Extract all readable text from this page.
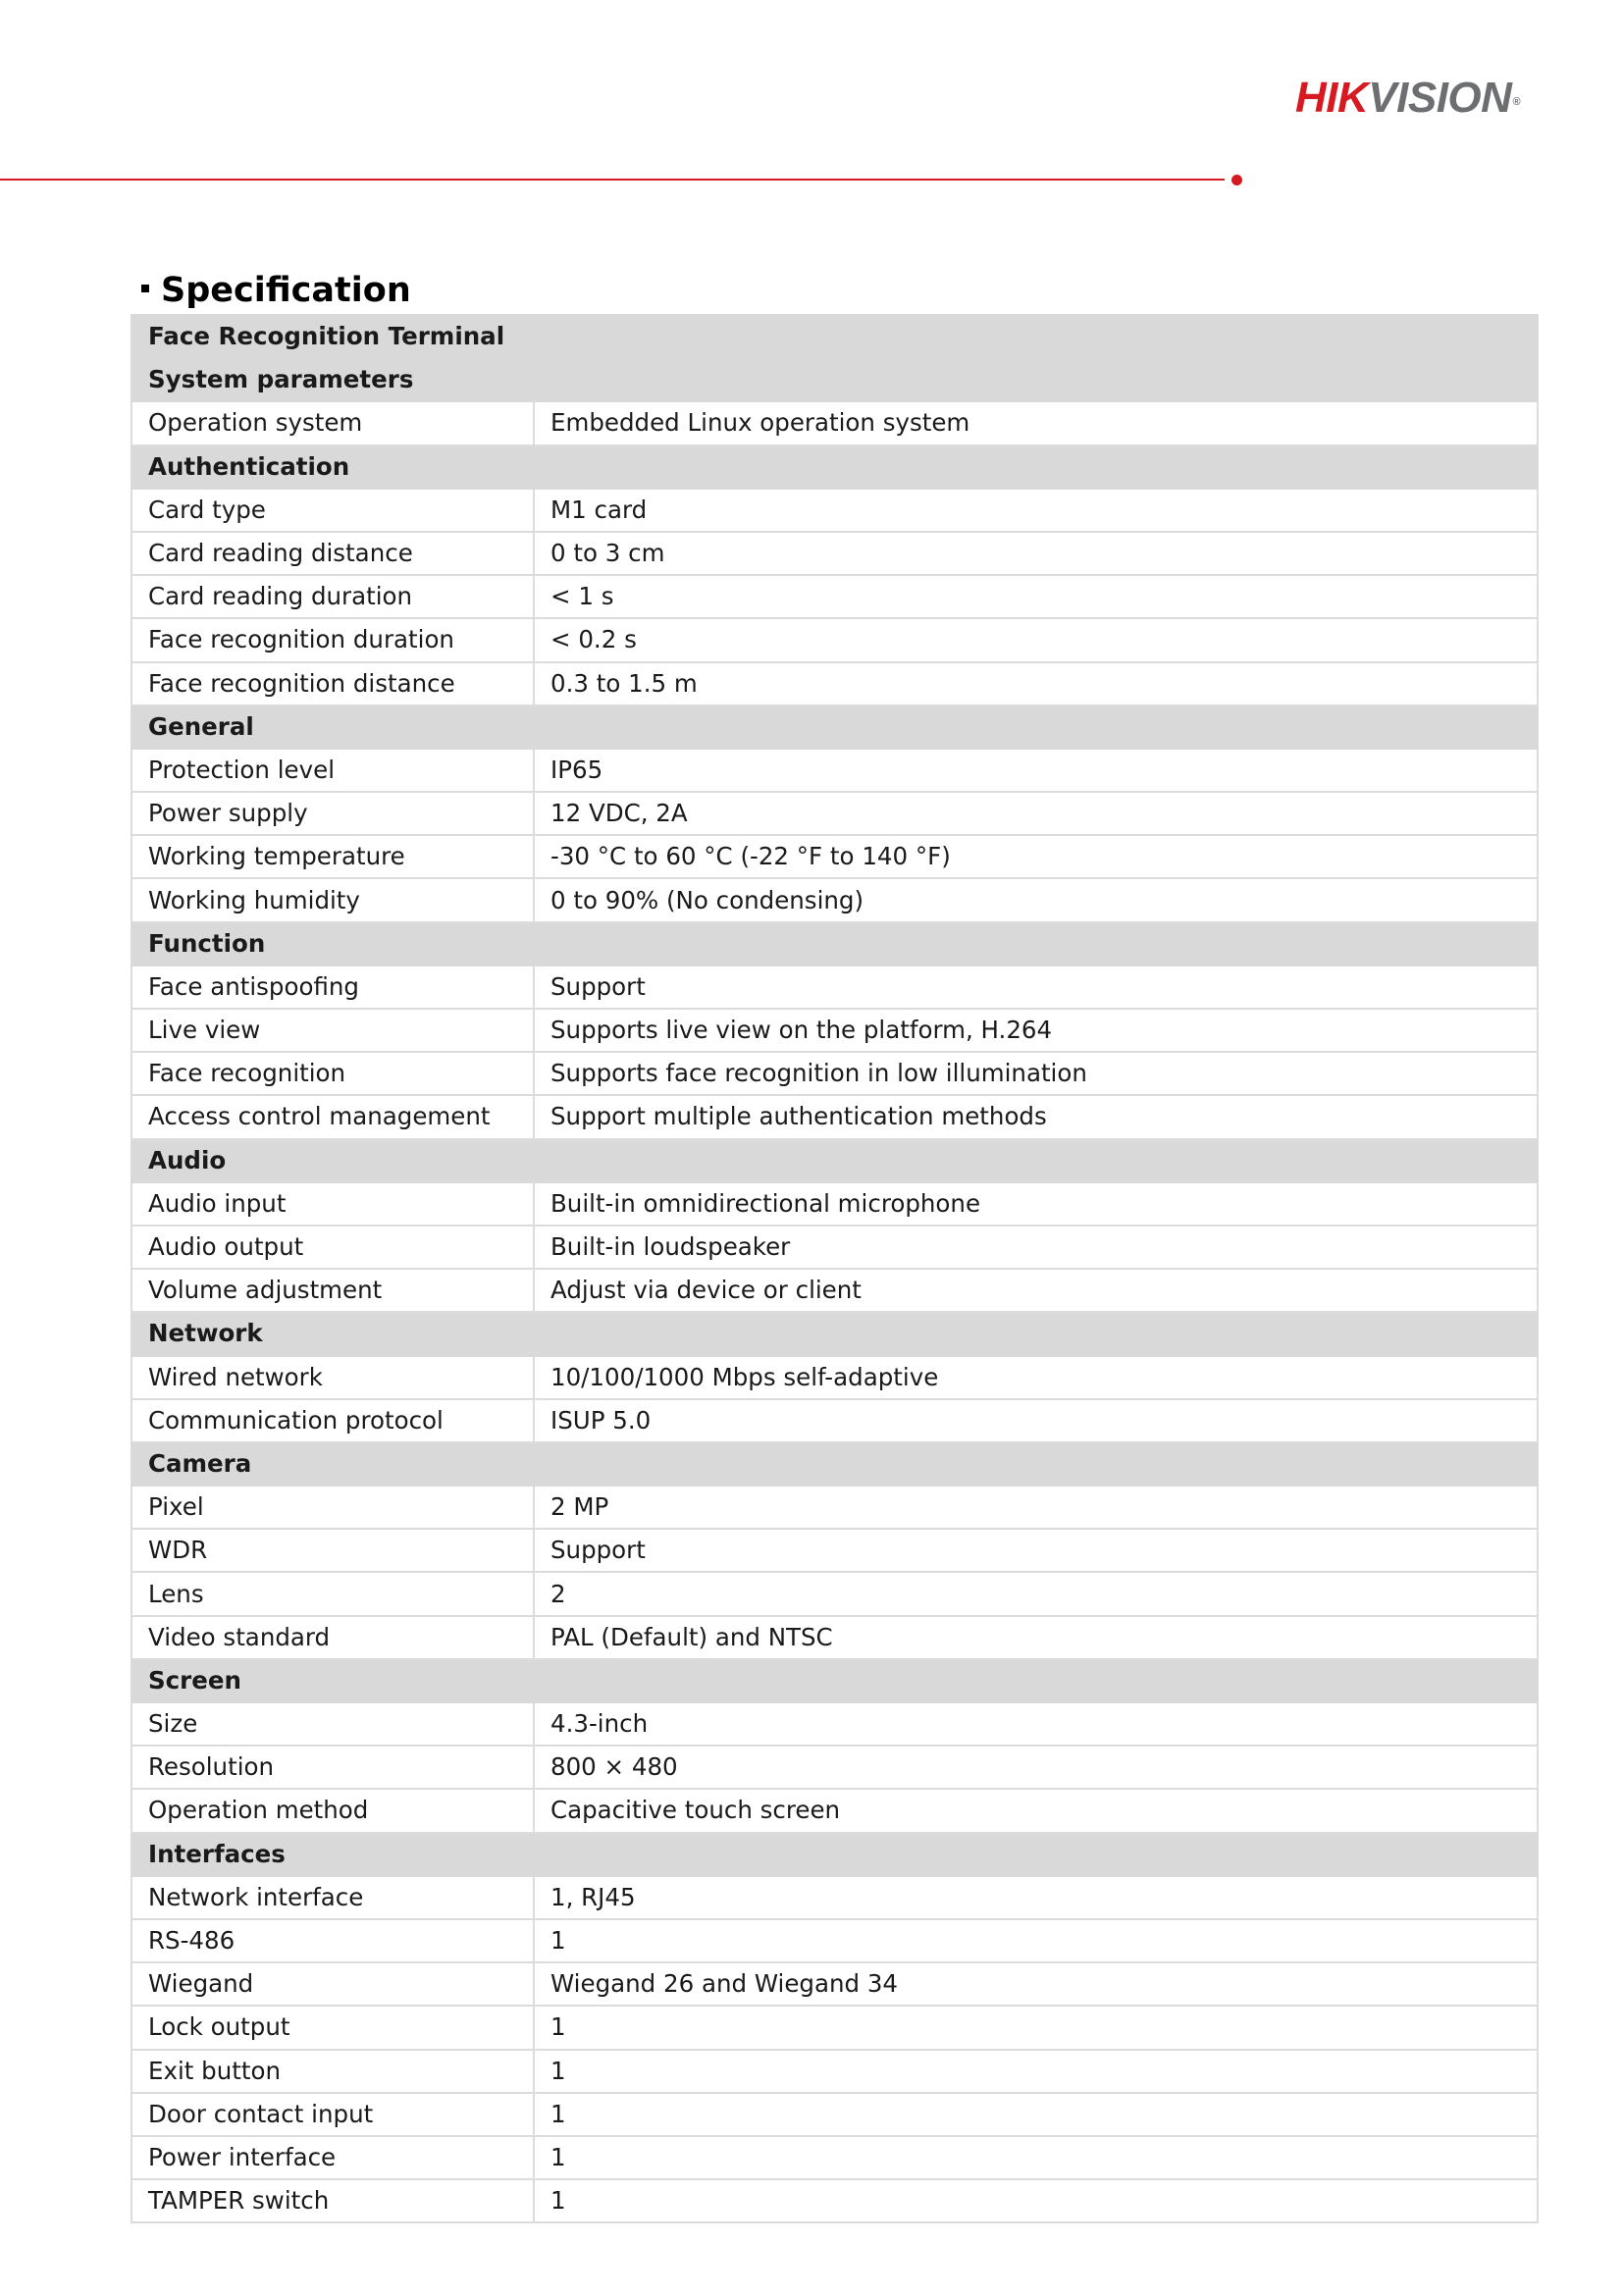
HIKVISION®
Specification
Face Recognition Terminal	
System parameters	
Operation system	Embedded Linux operation system
Authentication	
Card type	M1 card
Card reading distance	0 to 3 cm
Card reading duration	< 1 s
Face recognition duration	< 0.2 s
Face recognition distance	0.3 to 1.5 m
General	
Protection level	IP65
Power supply	12 VDC, 2A
Working temperature	-30 °C to 60 °C (-22 °F to 140 °F)
Working humidity	0 to 90% (No condensing)
Function	
Face antispoofing	Support
Live view	Supports live view on the platform, H.264
Face recognition	Supports face recognition in low illumination
Access control management	Support multiple authentication methods
Audio	
Audio input	Built-in omnidirectional microphone
Audio output	Built-in loudspeaker
Volume adjustment	Adjust via device or client
Network	
Wired network	10/100/1000 Mbps self-adaptive
Communication protocol	ISUP 5.0
Camera	
Pixel	2 MP
WDR	Support
Lens	2
Video standard	PAL (Default) and NTSC
Screen	
Size	4.3-inch
Resolution	800 × 480
Operation method	Capacitive touch screen
Interfaces	
Network interface	1, RJ45
RS-486	1
Wiegand	Wiegand 26 and Wiegand 34
Lock output	1
Exit button	1
Door contact input	1
Power interface	1
TAMPER switch	1
